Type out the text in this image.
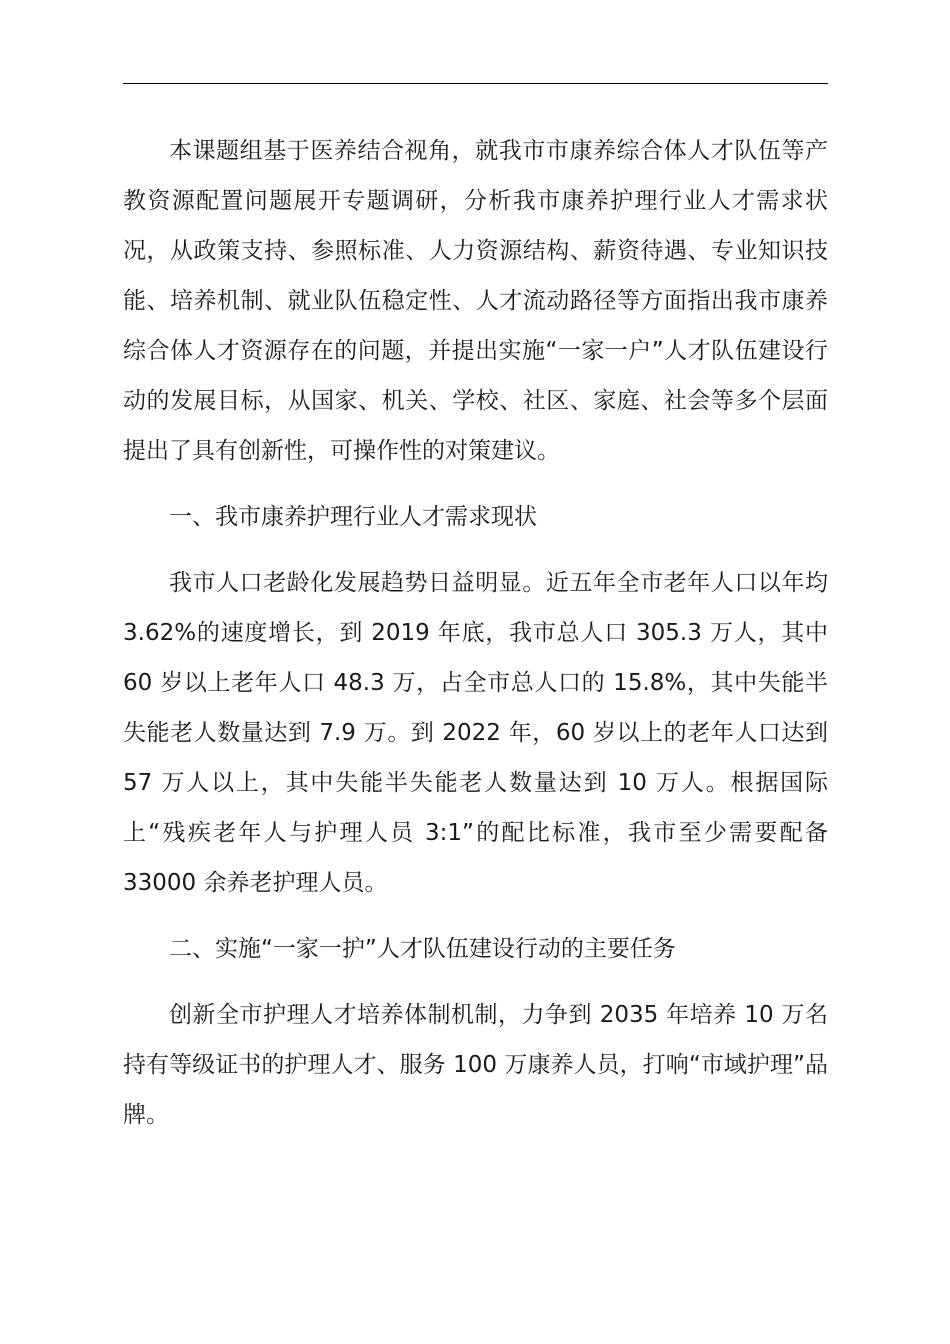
本课题组基于医养结合视角，就我市市康养综合体人才队伍等产教资源配置问题展开专题调研，分析我市康养护理行业人才需求状况，从政策支持、参照标准、人力资源结构、薪资待遇、专业知识技能、培养机制、就业队伍稳定性、人才流动路径等方面指出我市康养综合体人才资源存在的问题，并提出实施“一家一户”人才队伍建设行动的发展目标，从国家、机关、学校、社区、家庭、社会等多个层面提出了具有创新性，可操作性的对策建议。

一、我市康养护理行业人才需求现状

我市人口老龄化发展趋势日益明显。近五年全市老年人口以年均 3.62%的速度增长，到 2019 年底，我市总人口 305.3 万人，其中 60 岁以上老年人口 48.3 万，占全市总人口的 15.8%，其中失能半失能老人数量达到 7.9 万。到 2022 年，60 岁以上的老年人口达到 57 万人以上，其中失能半失能老人数量达到 10 万人。根据国际上“残疾老年人与护理人员 3:1”的配比标准，我市至少需要配备 33000 余养老护理人员。

二、实施“一家一护”人才队伍建设行动的主要任务

创新全市护理人才培养体制机制，力争到 2035 年培养 10 万名持有等级证书的护理人才、服务 100 万康养人员，打响“市域护理”品牌。
